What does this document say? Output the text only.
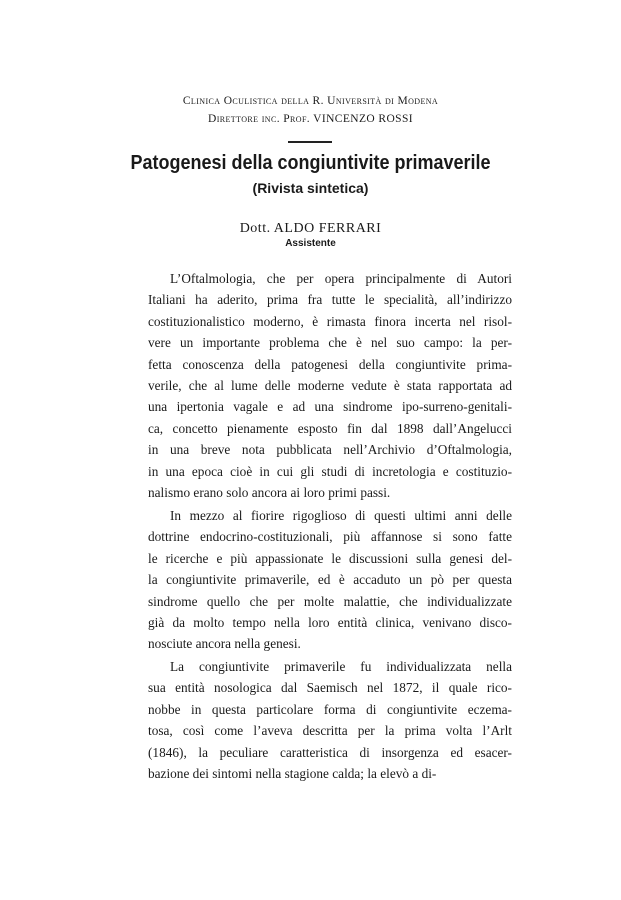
Clinica Oculistica della R. Università di Modena
Direttore inc. Prof. VINCENZO ROSSI
Patogenesi della congiuntivite primaverile
(Rivista sintetica)
Dott. ALDO FERRARI
Assistente
L’Oftalmologia, che per opera principalmente di Autori
Italiani ha aderito, prima fra tutte le specialità, all’indirizzo
costituzionalistico moderno, è rimasta finora incerta nel risol-
vere un importante problema che è nel suo campo: la per-
fetta conoscenza della patogenesi della congiuntivite prima-
verile, che al lume delle moderne vedute è stata rapportata ad
una ipertonia vagale e ad una sindrome ipo-surreno-genitali-
ca, concetto pienamente esposto fin dal 1898 dall’Angelucci
in una breve nota pubblicata nell’Archivio d’Oftalmologia,
in una epoca cioè in cui gli studi di incretologia e costituzio-
nalismo erano solo ancora ai loro primi passi.
In mezzo al fiorire rigoglioso di questi ultimi anni delle
dottrine endocrino-costituzionali, più affannose si sono fatte
le ricerche e più appassionate le discussioni sulla genesi del-
la congiuntivite primaverile, ed è accaduto un pò per questa
sindrome quello che per molte malattie, che individualizzate
già da molto tempo nella loro entità clinica, venivano disco-
nosciute ancora nella genesi.
La congiuntivite primaverile fu individualizzata nella
sua entità nosologica dal Saemisch nel 1872, il quale rico-
nobbe in questa particolare forma di congiuntivite eczema-
tosa, così come l’aveva descritta per la prima volta l’Arlt
(1846), la peculiare caratteristica di insorgenza ed esacer-
bazione dei sintomi nella stagione calda; la elevò a di-
